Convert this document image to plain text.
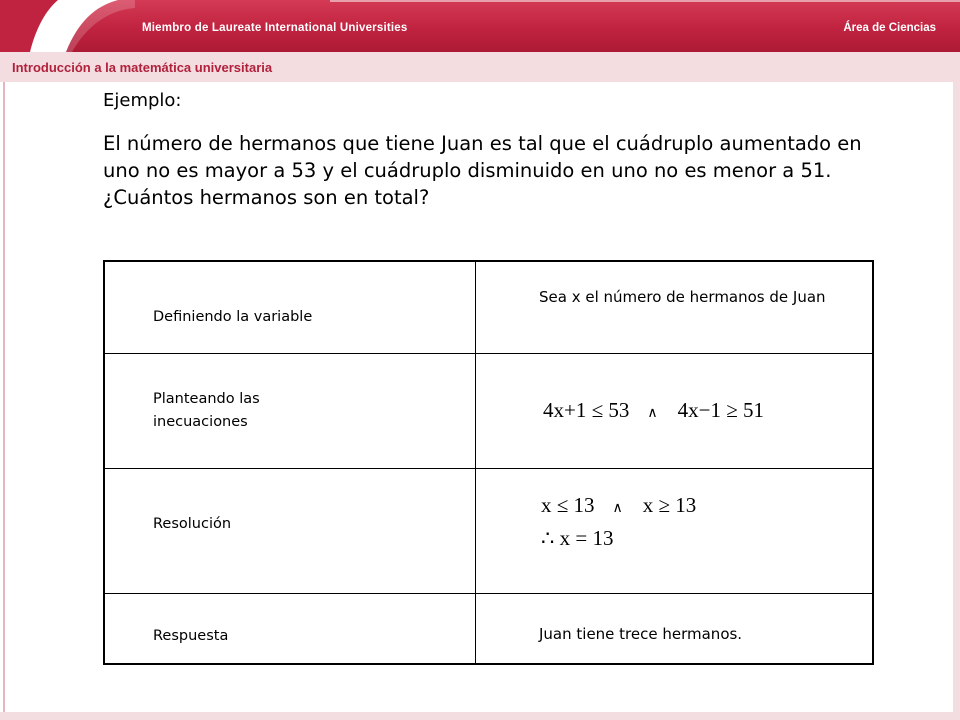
Miembro de Laureate International Universities	Área de Ciencias
Introducción a la matemática universitaria
Ejemplo:
El número de hermanos que tiene Juan es tal que el cuádruplo aumentado en uno no es mayor a 53 y el cuádruplo disminuido en uno no es menor a 51. ¿Cuántos hermanos son en total?
Definiendo la variable	Sea x el número de hermanos de Juan

Planteando las inecuaciones	4x+1 ≤ 53 ∧ 4x−1 ≥ 51
Resolución	x ≤ 13 ∧ x ≥ 13
∴ x = 13

Respuesta	Juan tiene trece hermanos.
